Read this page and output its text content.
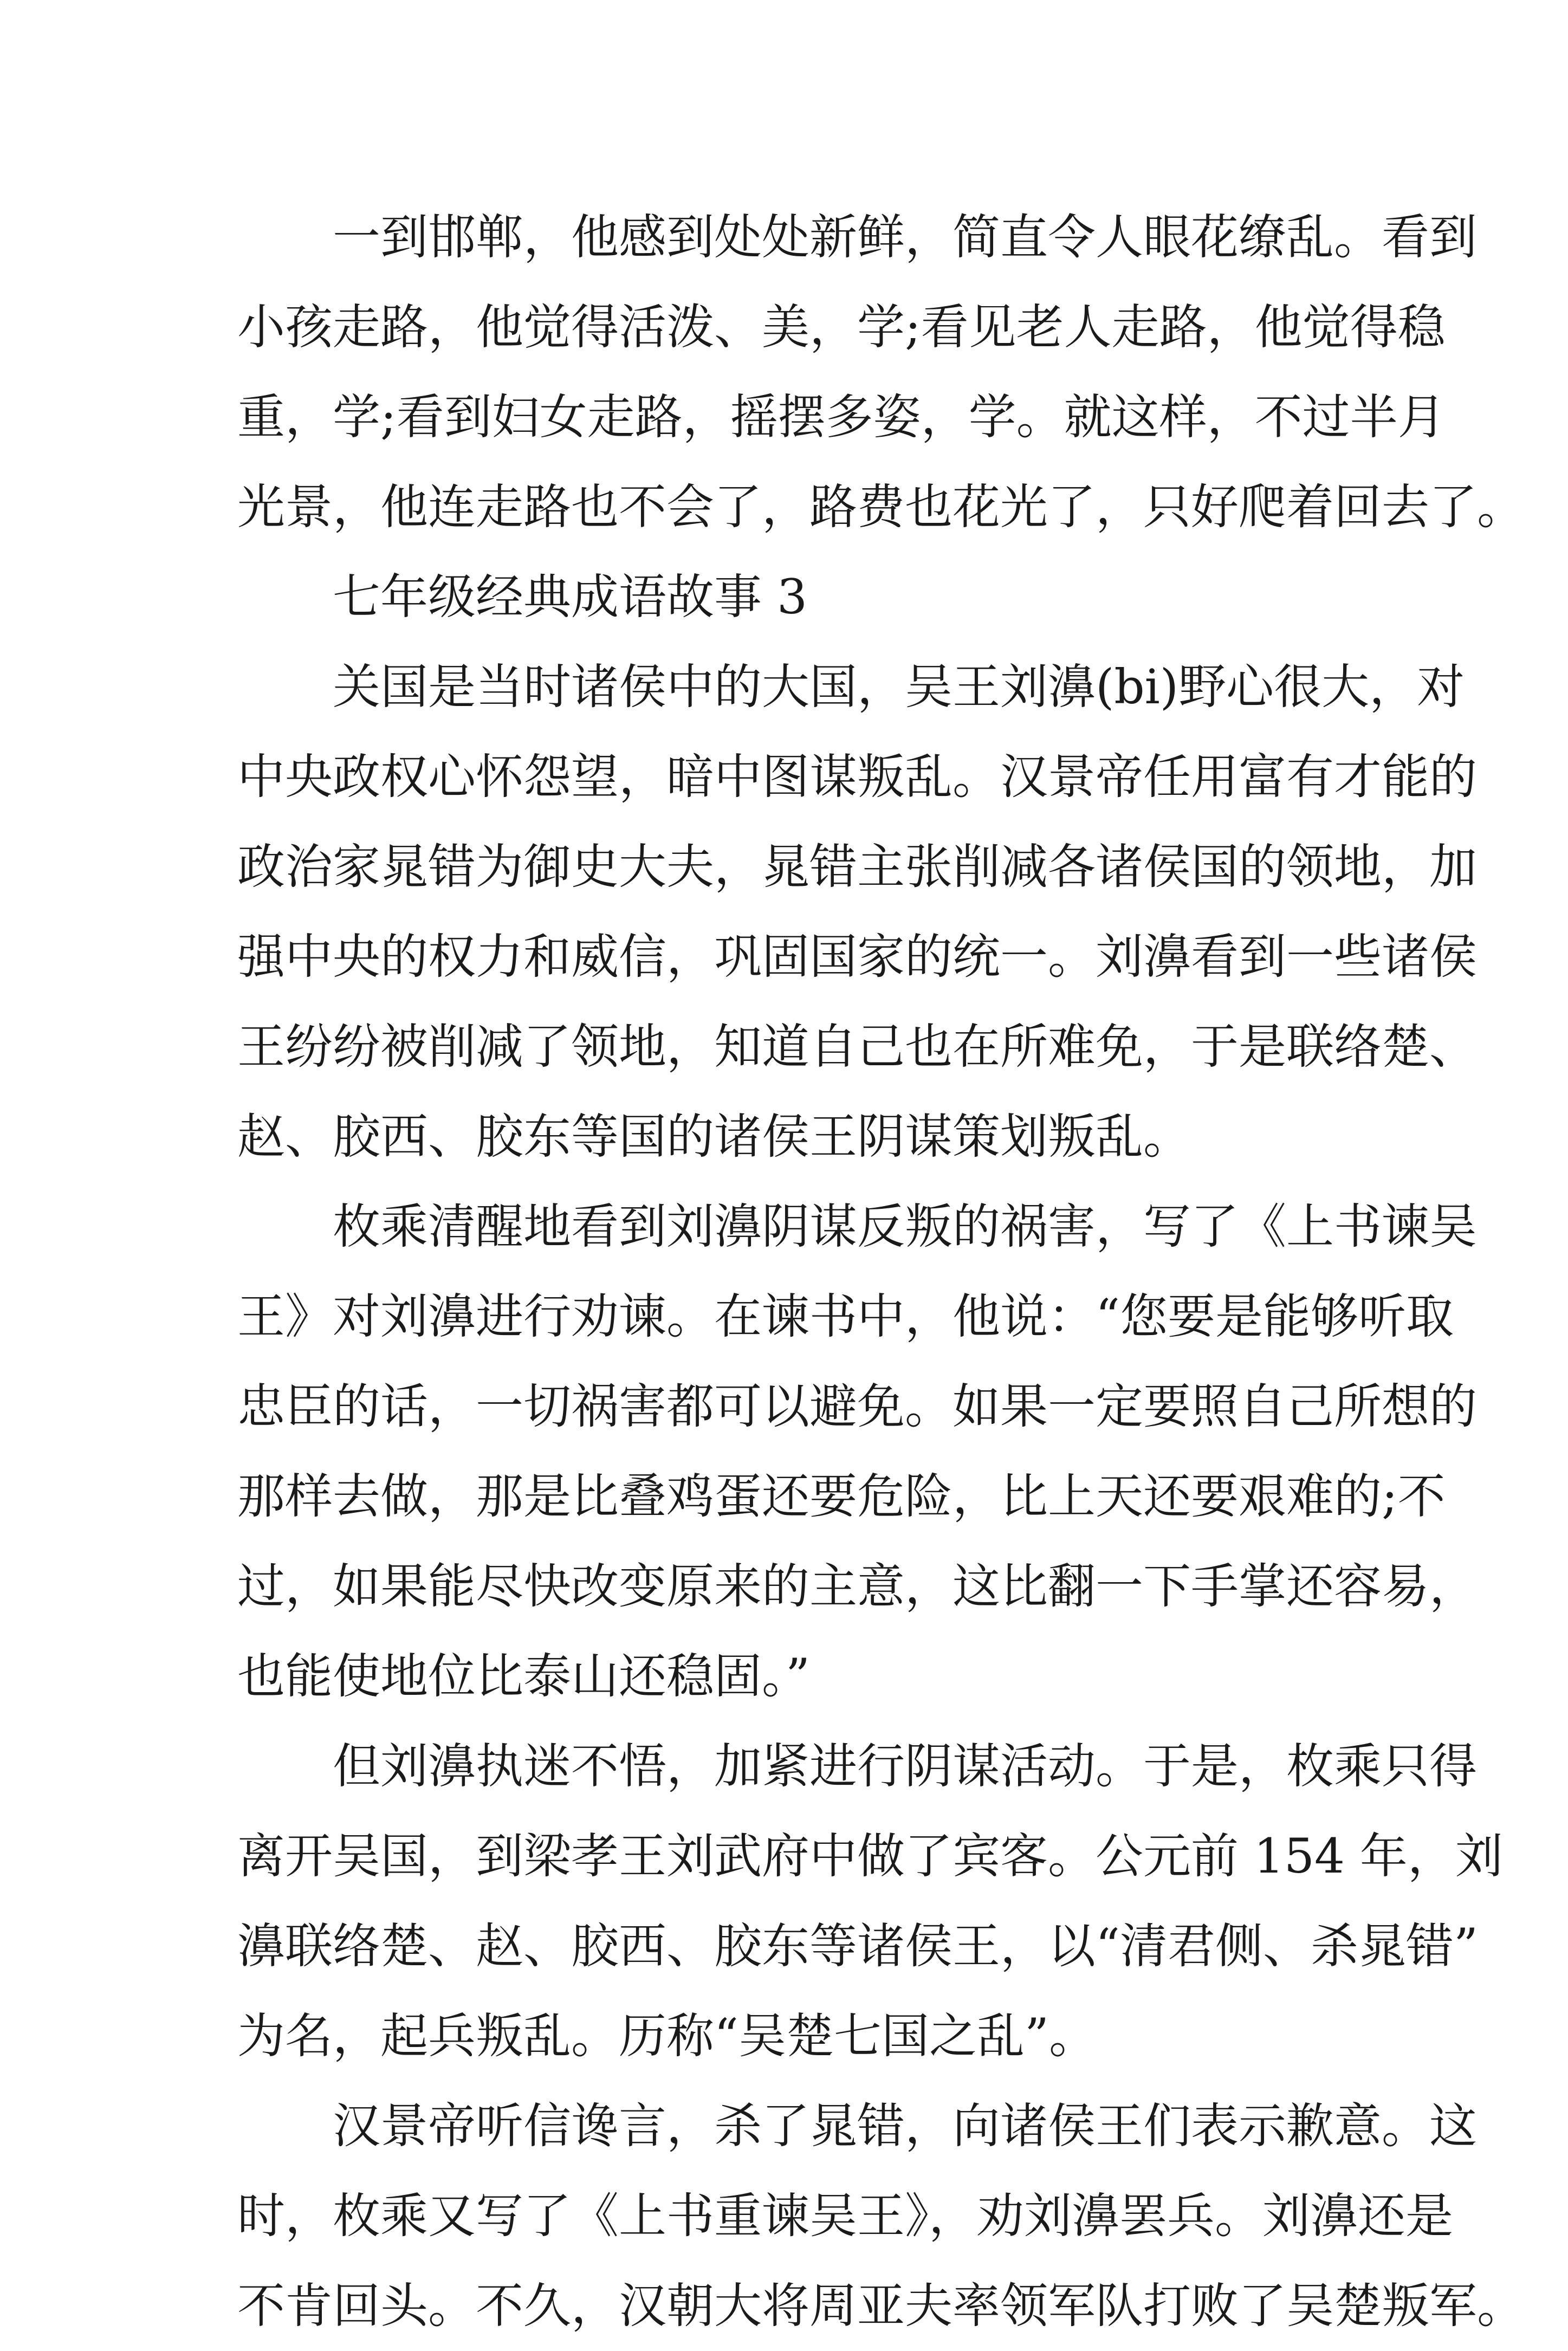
一到邯郸，他感到处处新鲜，简直令人眼花缭乱。看到
小孩走路，他觉得活泼、美，学;看见老人走路，他觉得稳
重，学;看到妇女走路，摇摆多姿，学。就这样，不过半月
光景，他连走路也不会了，路费也花光了，只好爬着回去了。
七年级经典成语故事 3
关国是当时诸侯中的大国，吴王刘濞(bi)野心很大，对
中央政权心怀怨望，暗中图谋叛乱。汉景帝任用富有才能的
政治家晁错为御史大夫，晁错主张削减各诸侯国的领地，加
强中央的权力和威信，巩固国家的统一。刘濞看到一些诸侯
王纷纷被削减了领地，知道自己也在所难免，于是联络楚、
赵、胶西、胶东等国的诸侯王阴谋策划叛乱。
枚乘清醒地看到刘濞阴谋反叛的祸害，写了《上书谏吴
王》对刘濞进行劝谏。在谏书中，他说：“您要是能够听取
忠臣的话，一切祸害都可以避免。如果一定要照自己所想的
那样去做，那是比叠鸡蛋还要危险，比上天还要艰难的;不
过，如果能尽快改变原来的主意，这比翻一下手掌还容易，
也能使地位比泰山还稳固。”
但刘濞执迷不悟，加紧进行阴谋活动。于是，枚乘只得
离开吴国，到梁孝王刘武府中做了宾客。公元前 154 年，刘
濞联络楚、赵、胶西、胶东等诸侯王，以“清君侧、杀晁错”
为名，起兵叛乱。历称“吴楚七国之乱”。
汉景帝听信谗言，杀了晁错，向诸侯王们表示歉意。这
时，枚乘又写了《上书重谏吴王》，劝刘濞罢兵。刘濞还是
不肯回头。不久，汉朝大将周亚夫率领军队打败了吴楚叛军。
